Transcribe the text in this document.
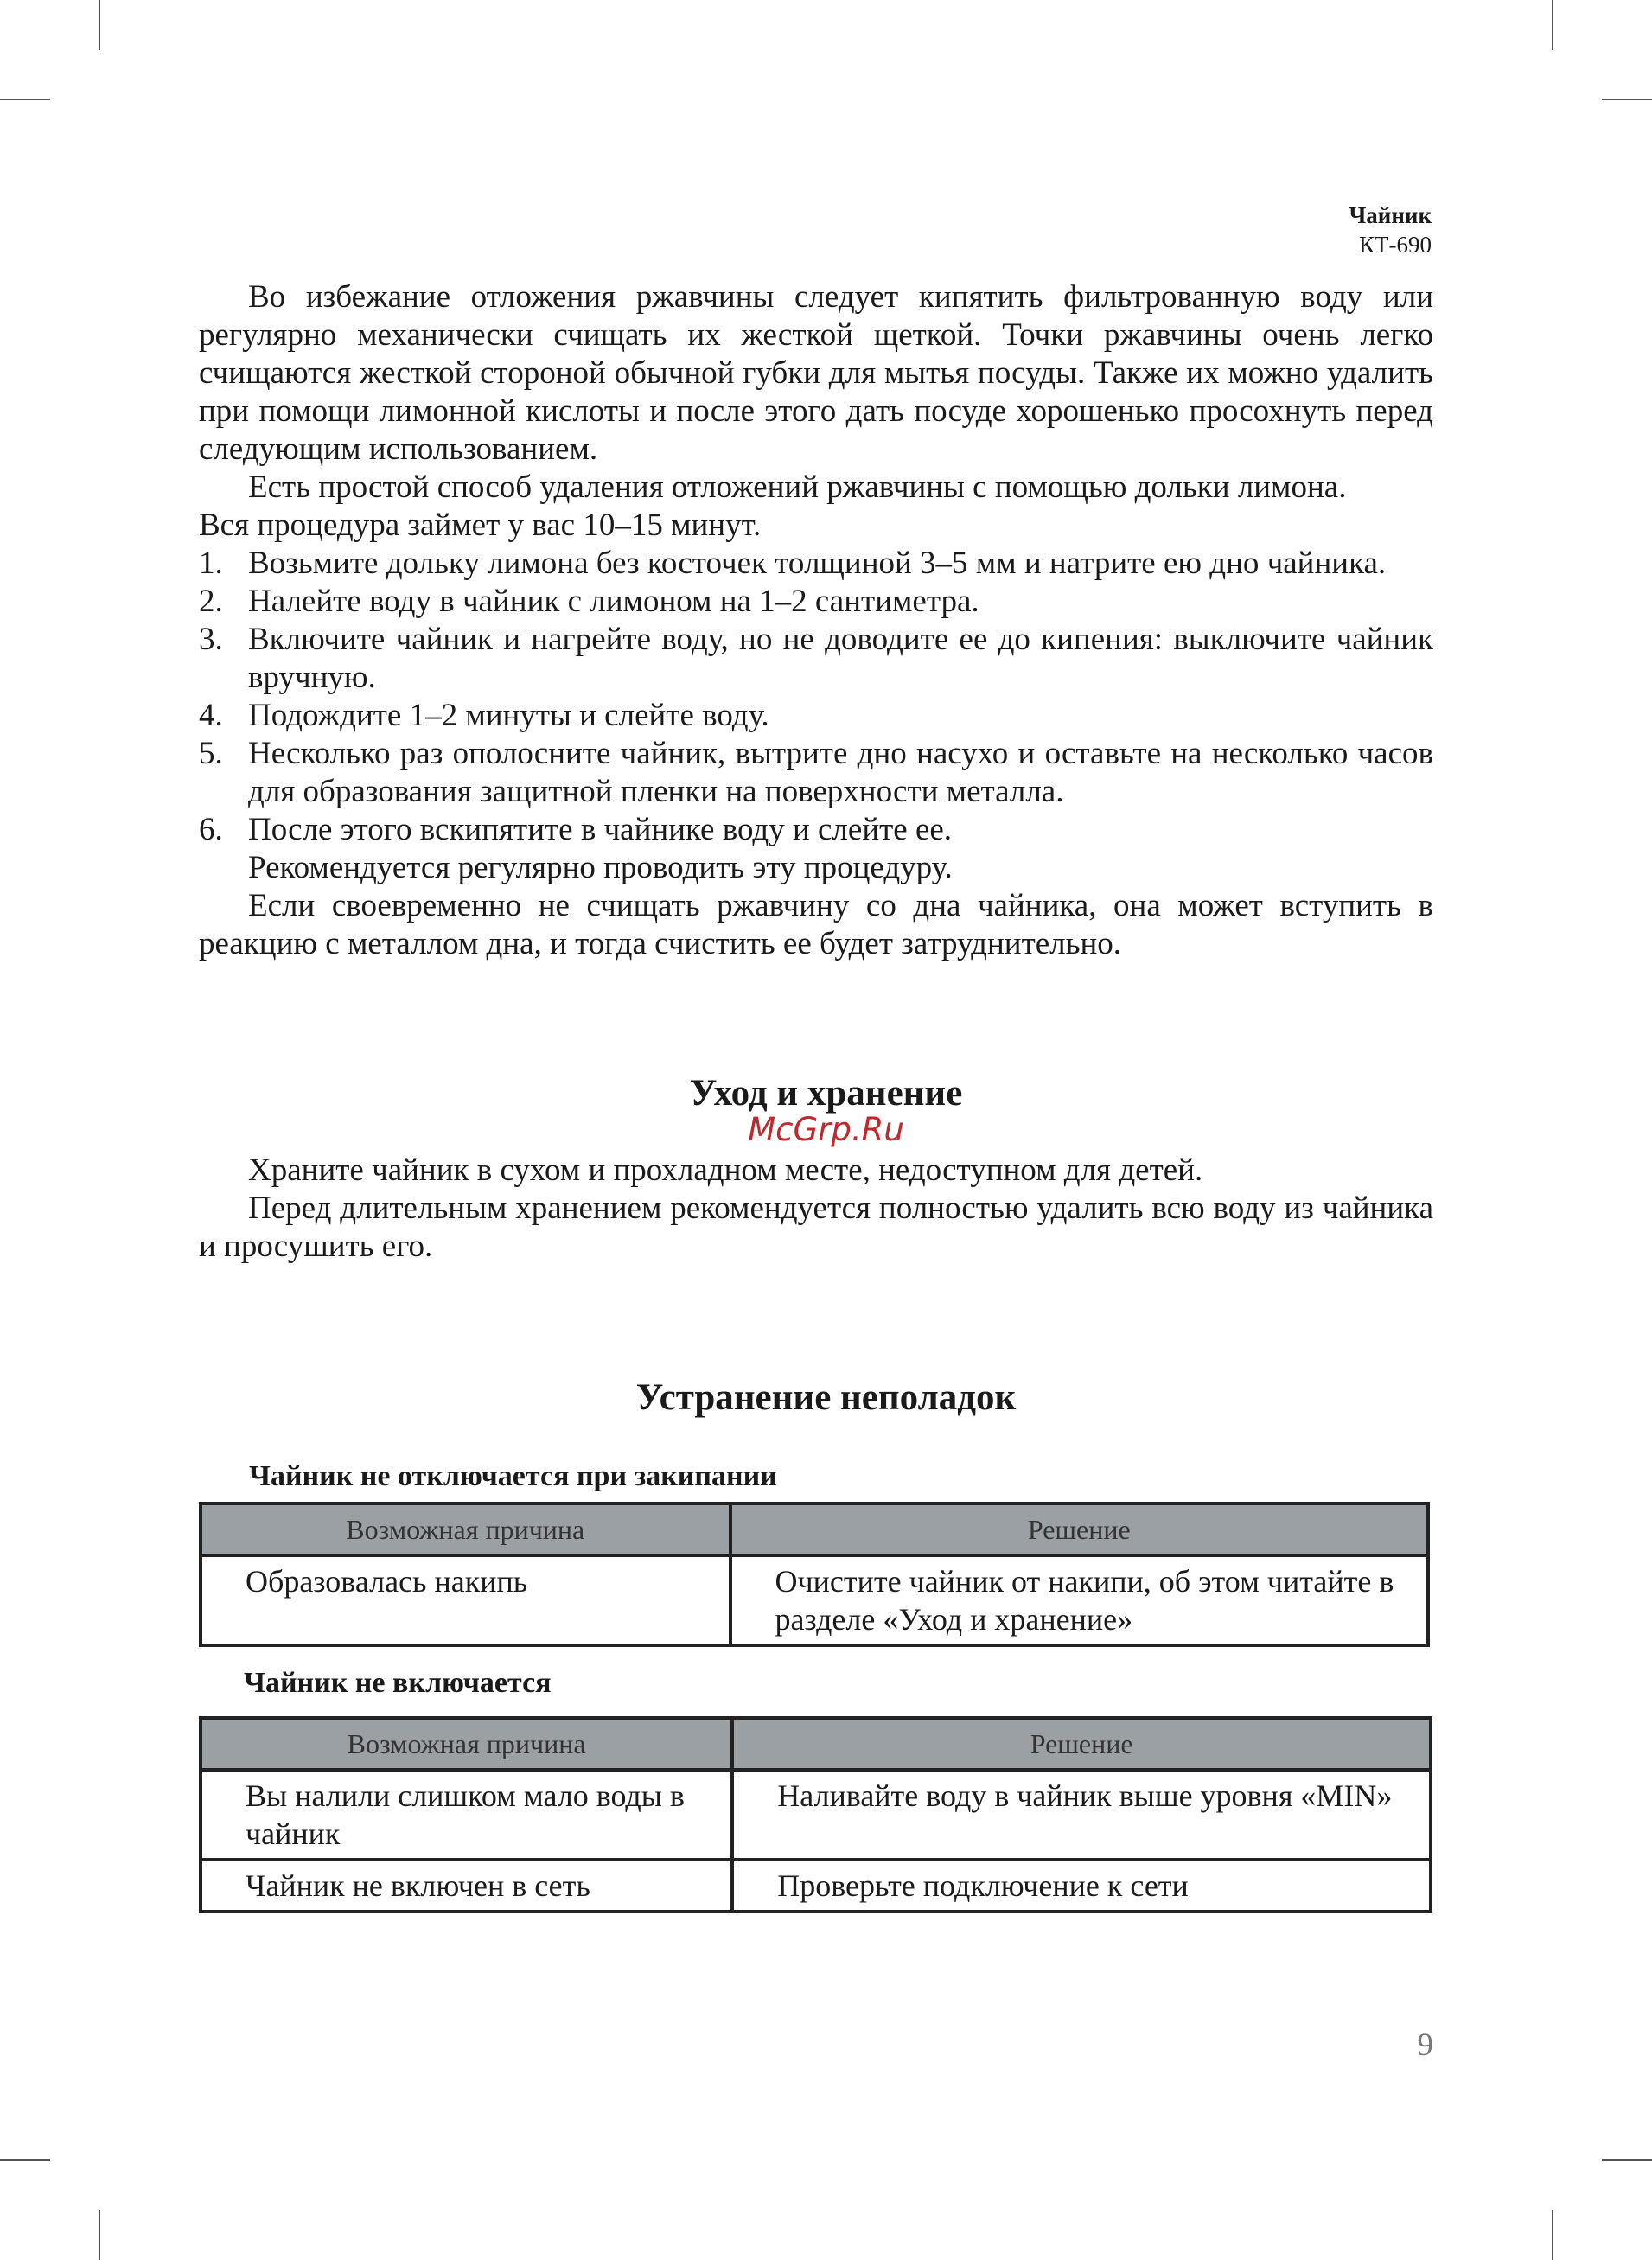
Чайник
КТ-690

Во избежание отложения ржавчины следует кипятить фильтрованную воду или регулярно механически счищать их жесткой щеткой. Точки ржавчины очень легко счищаются жесткой стороной обычной губки для мытья посуды. Также их можно удалить при помощи лимонной кислоты и после этого дать посуде хорошенько просохнуть перед следующим использованием.

Есть простой способ удаления отложений ржавчины с помощью дольки лимона.

Вся процедура займет у вас 10–15 минут.

1. Возьмите дольку лимона без косточек толщиной 3–5 мм и натрите ею дно чайника.
2. Налейте воду в чайник с лимоном на 1–2 сантиметра.
3. Включите чайник и нагрейте воду, но не доводите ее до кипения: выключите чайник вручную.
4. Подождите 1–2 минуты и слейте воду.
5. Несколько раз ополосните чайник, вытрите дно насухо и оставьте на несколько часов для образования защитной пленки на поверхности металла.
6. После этого вскипятите в чайнике воду и слейте ее.

Рекомендуется регулярно проводить эту процедуру.

Если своевременно не счищать ржавчину со дна чайника, она может вступить в реакцию с металлом дна, и тогда счистить ее будет затруднительно.

Уход и хранение
McGrp.Ru

Храните чайник в сухом и прохладном месте, недоступном для детей.

Перед длительным хранением рекомендуется полностью удалить всю воду из чайника и просушить его.

Устранение неполадок
Чайник не отключается при закипании
Возможная причина	Решение
Образовалась накипь	Очистите чайник от накипи, об этом читайте в разделе «Уход и хранение»
Чайник не включается
Возможная причина	Решение
Вы налили слишком мало воды в чайник	Наливайте воду в чайник выше уровня «MIN»
Чайник не включен в сеть	Проверьте подключение к сети
9
